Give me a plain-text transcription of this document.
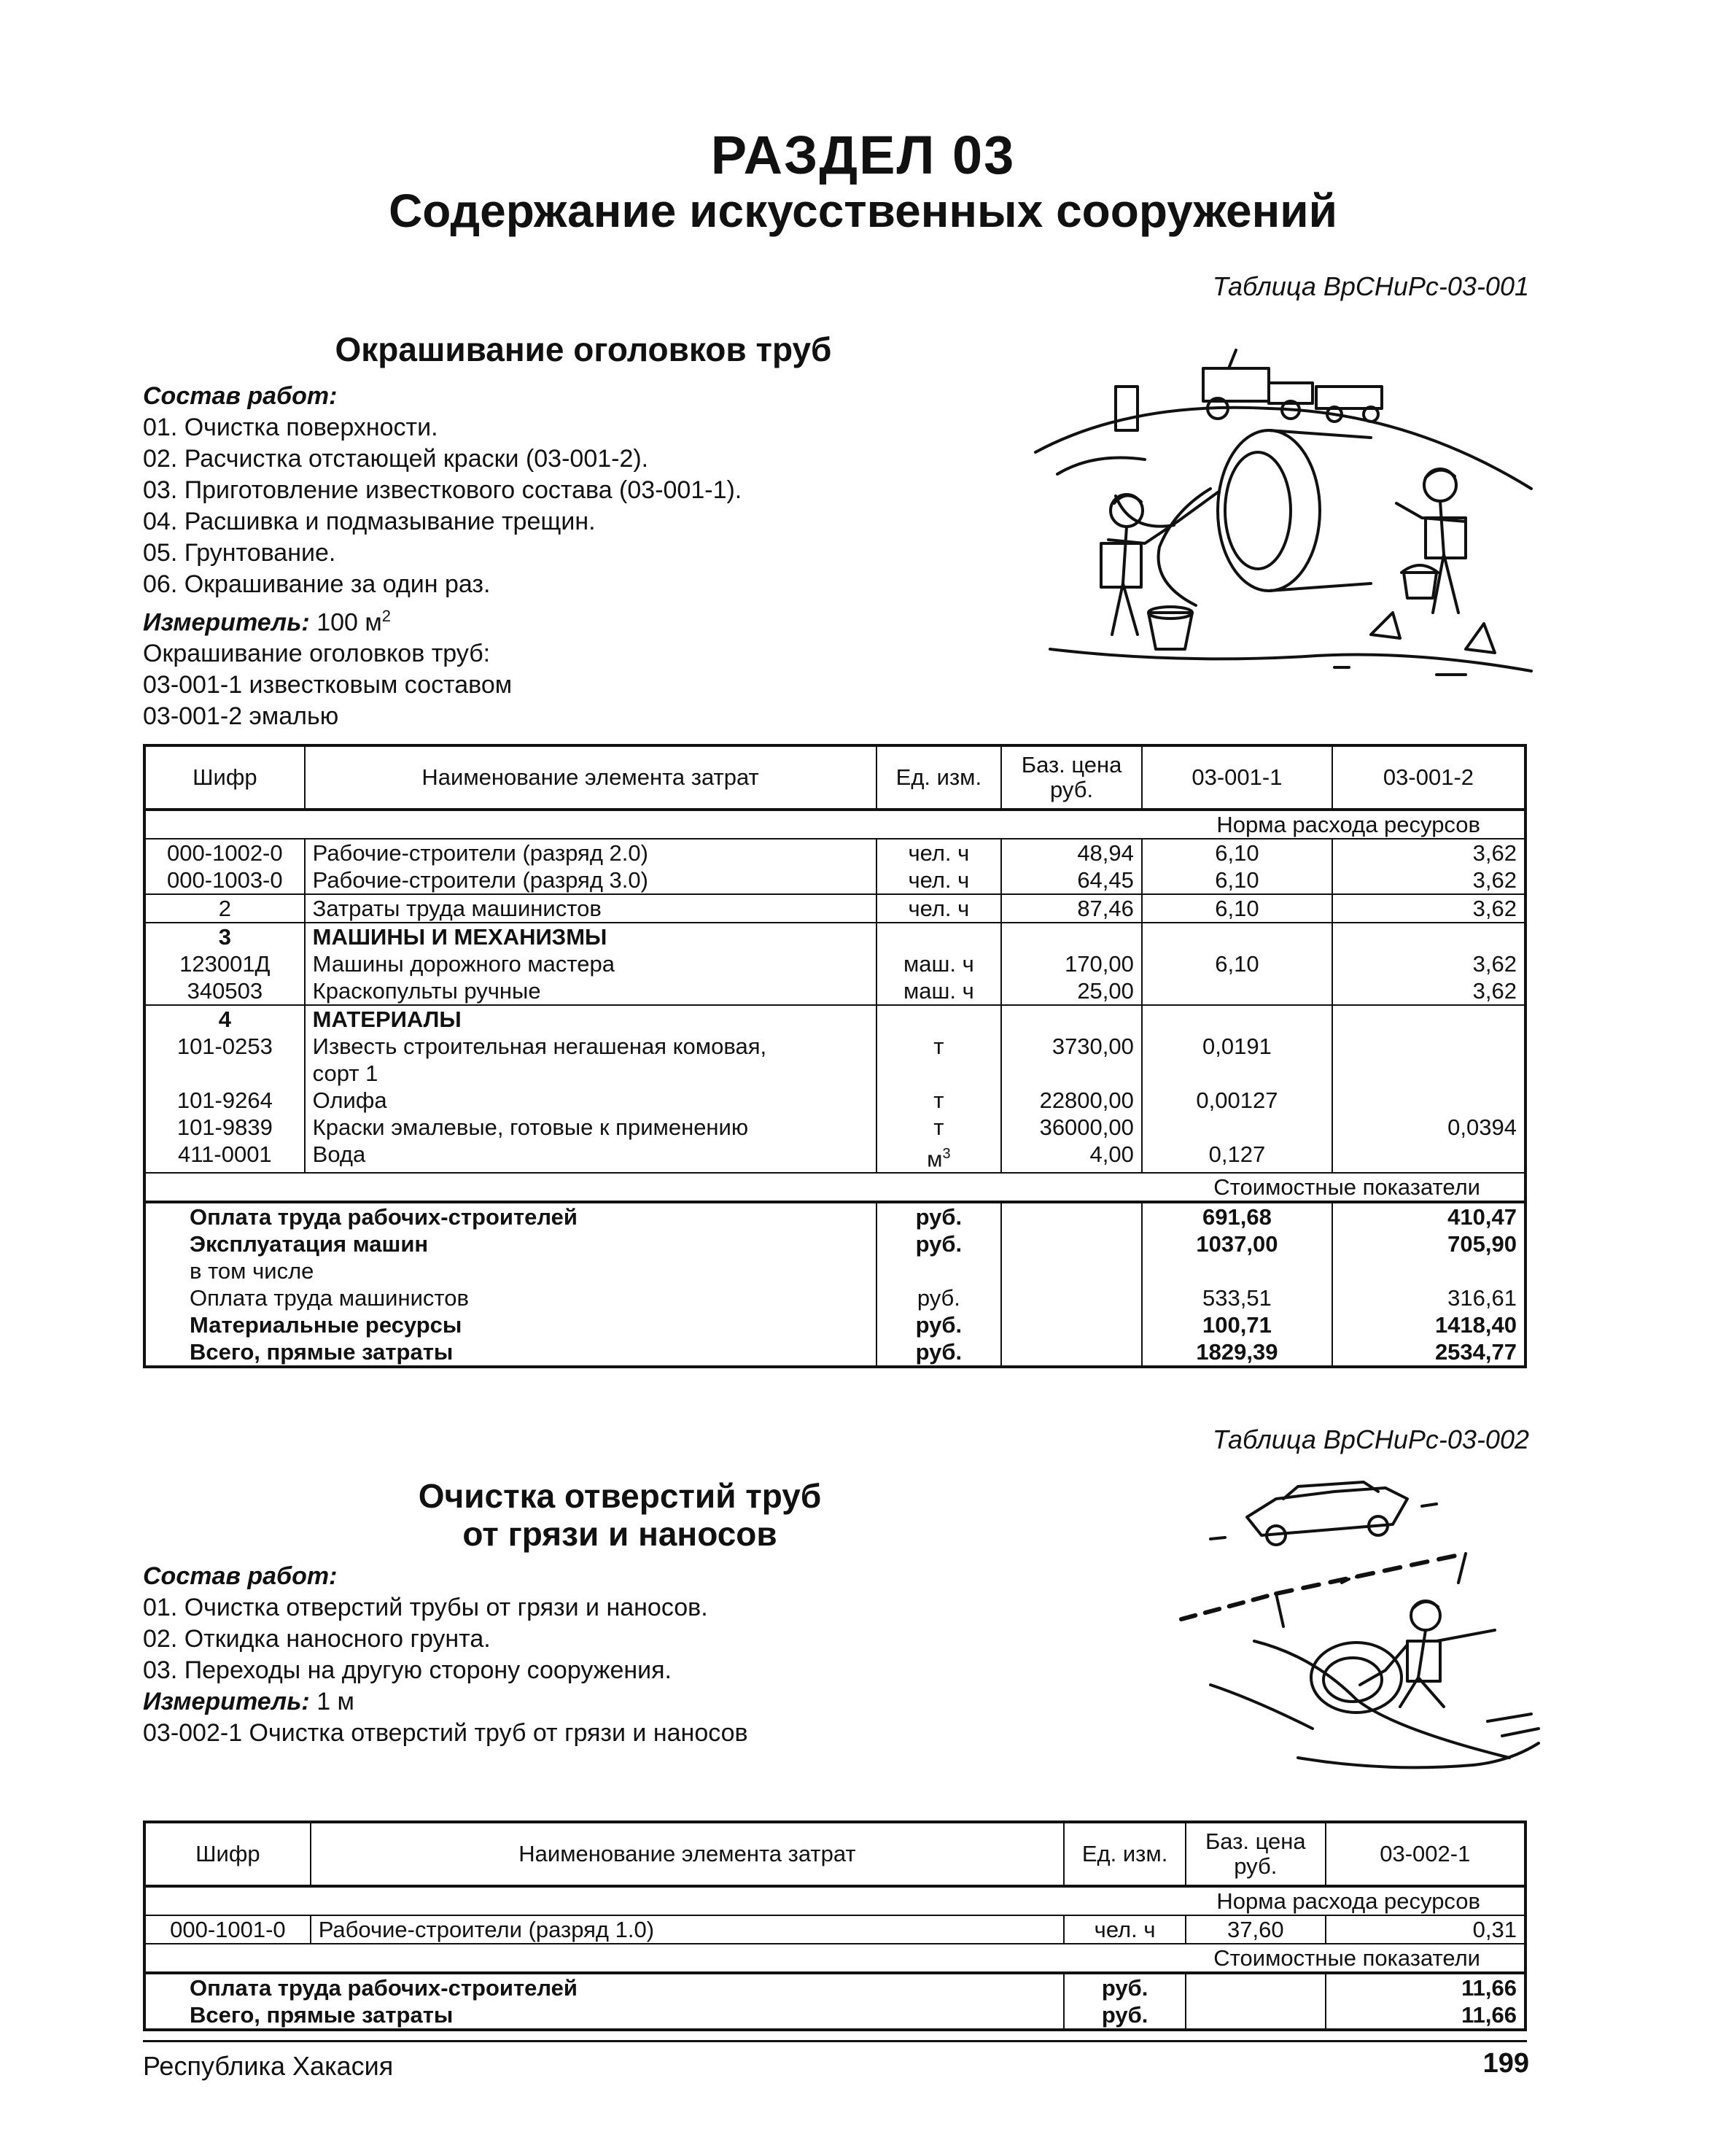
РАЗДЕЛ 03
Содержание искусственных сооружений
Таблица ВрСНиРс-03-001
Окрашивание оголовков труб
Состав работ:
01. Очистка поверхности.
02. Расчистка отстающей краски (03-001-2).
03. Приготовление известкового состава (03-001-1).
04. Расшивка и подмазывание трещин.
05. Грунтование.
06. Окрашивание за один раз.
Измеритель: 100 $м^2$
Окрашивание оголовков труб:
03-001-1 известковым составом
03-001-2 эмалью
Шифр	Наименование элемента затрат	Ед. изм.	Баз. цена руб.	03-001-1	03-001-2
Норма расхода ресурсов					
000-1002-0	Рабочие-строители (разряд 2.0)	чел. ч	48,94	6,10	3,62
000-1003-0	Рабочие-строители (разряд 3.0)	чел. ч	64,45	6,10	3,62
2	Затраты труда машинистов	чел. ч	87,46	6,10	3,62
3	МАШИНЫ И МЕХАНИЗМЫ				
123001Д	Машины дорожного мастера	маш. ч	170,00	6,10	3,62
340503	Краскопульты ручные	маш. ч	25,00		3,62
4	МАТЕРИАЛЫ				
101-0253	Известь строительная негашеная комовая,	т	3730,00	0,0191	
	сорт 1				
101-9264	Олифа	т	22800,00	0,00127	
101-9839	Краски эмалевые, готовые к применению	т	36000,00		0,0394
411-0001	Вода	$м^3$	4,00	0,127	
Стоимостные показатели					
Оплата труда рабочих-строителей		руб.		691,68	410,47
Эксплуатация машин		руб.		1037,00	705,90
в том числе					
Оплата труда машинистов		руб.		533,51	316,61
Материальные ресурсы		руб.		100,71	1418,40
Всего, прямые затраты		руб.		1829,39	2534,77
Таблица ВрСНиРс-03-002
Очистка отверстий труб
от грязи и наносов
Состав работ:
01. Очистка отверстий трубы от грязи и наносов.
02. Откидка наносного грунта.
03. Переходы на другую сторону сооружения.
Измеритель: 1 м
03-002-1 Очистка отверстий труб от грязи и наносов
Шифр	Наименование элемента затрат	Ед. изм.	Баз. цена руб.	03-002-1
Норма расхода ресурсов				
000-1001-0	Рабочие-строители (разряд 1.0)	чел. ч	37,60	0,31
Стоимостные показатели				
Оплата труда рабочих-строителей		руб.		11,66
Всего, прямые затраты		руб.		11,66
Республика Хакасия	199
